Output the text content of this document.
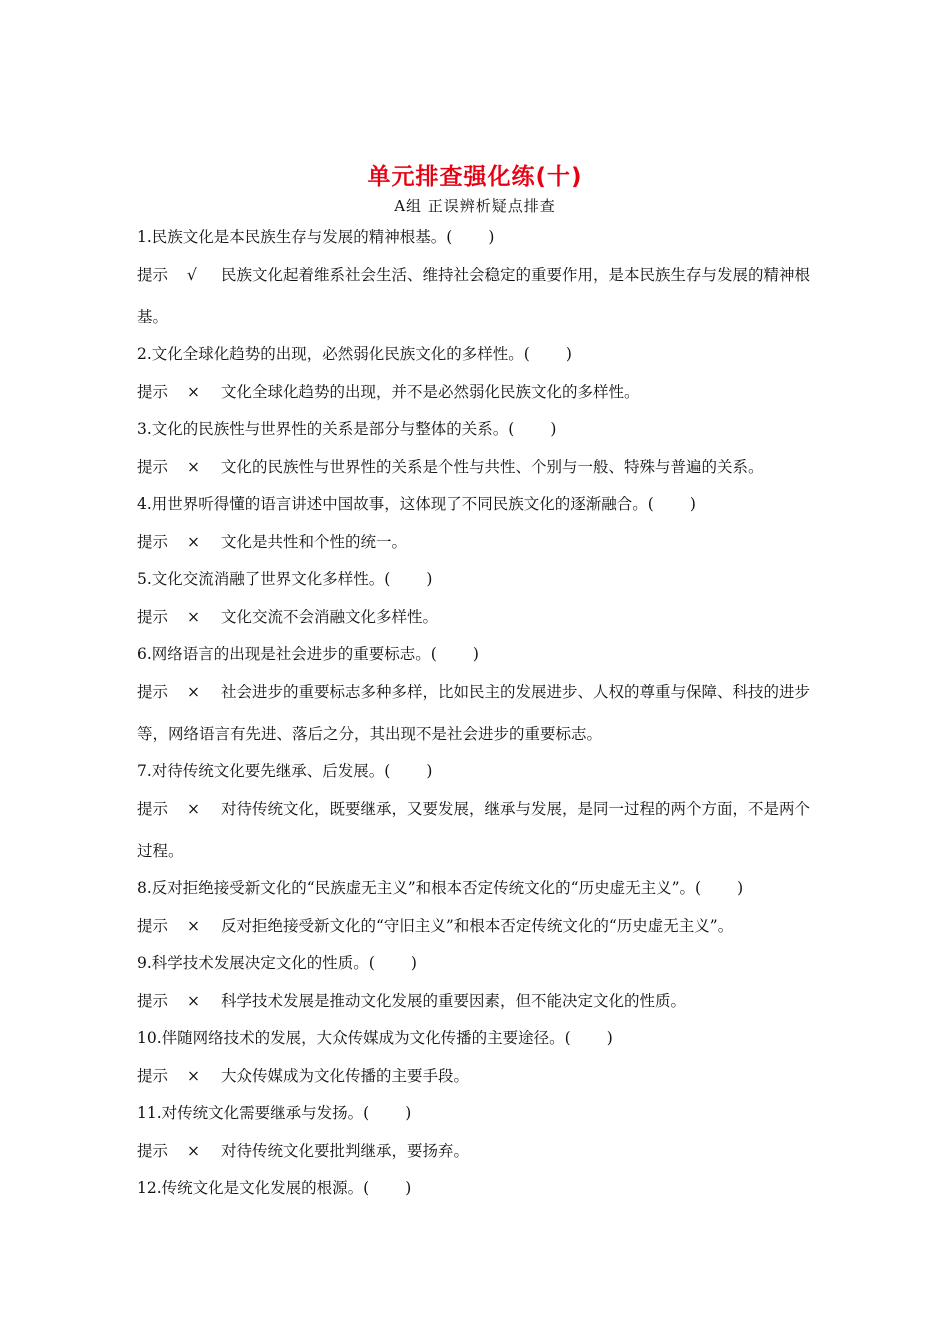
单元排查强化练(十)
A组 正误辨析疑点排查
1.民族文化是本民族生存与发展的精神根基。( )
提示 √ 民族文化起着维系社会生活、维持社会稳定的重要作用，是本民族生存与发展的精神根基。
2.文化全球化趋势的出现，必然弱化民族文化的多样性。( )
提示 × 文化全球化趋势的出现，并不是必然弱化民族文化的多样性。
3.文化的民族性与世界性的关系是部分与整体的关系。( )
提示 × 文化的民族性与世界性的关系是个性与共性、个别与一般、特殊与普遍的关系。
4.用世界听得懂的语言讲述中国故事，这体现了不同民族文化的逐渐融合。( )
提示 × 文化是共性和个性的统一。
5.文化交流消融了世界文化多样性。( )
提示 × 文化交流不会消融文化多样性。
6.网络语言的出现是社会进步的重要标志。( )
提示 × 社会进步的重要标志多种多样，比如民主的发展进步、人权的尊重与保障、科技的进步等，网络语言有先进、落后之分，其出现不是社会进步的重要标志。
7.对待传统文化要先继承、后发展。( )
提示 × 对待传统文化，既要继承，又要发展，继承与发展，是同一过程的两个方面，不是两个过程。
8.反对拒绝接受新文化的“民族虚无主义”和根本否定传统文化的“历史虚无主义”。( )
提示 × 反对拒绝接受新文化的“守旧主义”和根本否定传统文化的“历史虚无主义”。
9.科学技术发展决定文化的性质。( )
提示 × 科学技术发展是推动文化发展的重要因素，但不能决定文化的性质。
10.伴随网络技术的发展，大众传媒成为文化传播的主要途径。( )
提示 × 大众传媒成为文化传播的主要手段。
11.对传统文化需要继承与发扬。( )
提示 × 对待传统文化要批判继承，要扬弃。
12.传统文化是文化发展的根源。( )
